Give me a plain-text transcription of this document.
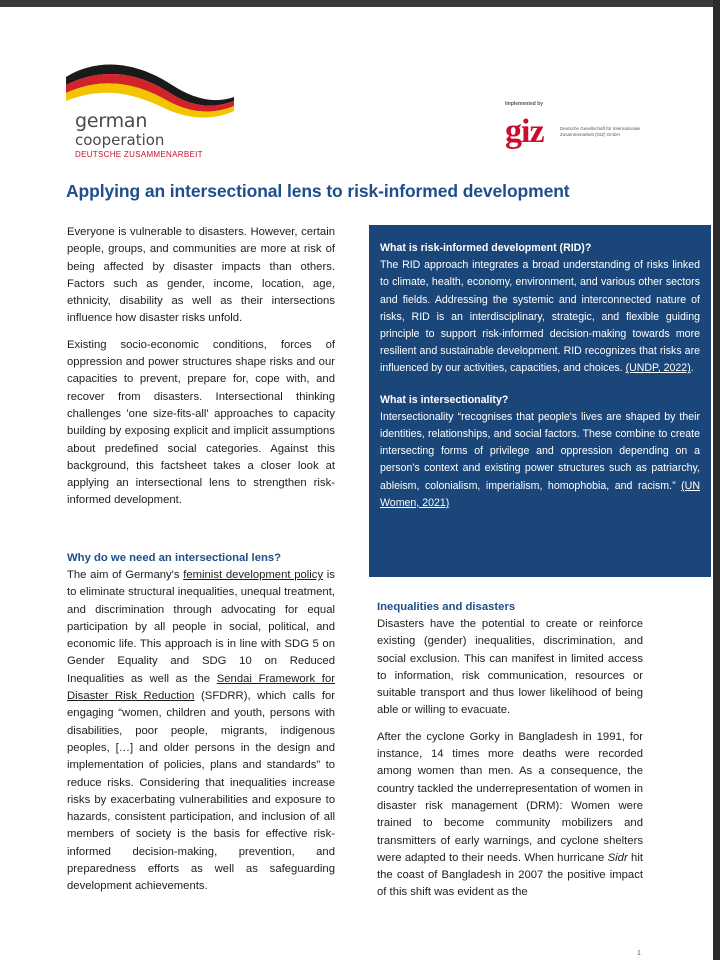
german
cooperation
DEUTSCHE ZUSAMMENARBEIT
Implemented by
giz	Deutsche Gesellschaft für Internationale Zusammenarbeit (GIZ) GmbH
Applying an intersectional lens to risk-informed development

Everyone is vulnerable to disasters. However, certain people, groups, and communities are more at risk of being affected by disaster impacts than others. Factors such as gender, income, location, age, ethnicity, disability as well as their intersections influence how disaster risks unfold.

Existing socio-economic conditions, forces of oppression and power structures shape risks and our capacities to prevent, prepare for, cope with, and recover from disasters. Intersectional thinking challenges 'one size-fits-all' approaches to capacity building by exposing explicit and implicit assumptions about predefined social categories. Against this background, this factsheet takes a closer look at applying an intersectional lens to strengthen risk-informed development.

Why do we need an intersectional lens?

The aim of Germany's feminist development policy is to eliminate structural inequalities, unequal treatment, and discrimination through advocating for equal participation by all people in social, political, and economic life. This approach is in line with SDG 5 on Gender Equality and SDG 10 on Reduced Inequalities as well as the Sendai Framework for Disaster Risk Reduction (SFDRR), which calls for engaging “women, children and youth, persons with disabilities, poor people, migrants, indigenous peoples, […] and older persons in the design and implementation of policies, plans and standards” to reduce risks. Considering that inequalities increase risks by exacerbating vulnerabilities and exposure to hazards, consistent participation, and inclusion of all members of society is the basis for effective risk-informed decision-making, prevention, and preparedness efforts as well as safeguarding development achievements.

What is risk-informed development (RID)?

The RID approach integrates a broad understanding of risks linked to climate, health, economy, environment, and various other sectors and fields. Addressing the systemic and interconnected nature of risks, RID is an interdisciplinary, strategic, and flexible guiding principle to support risk-informed decision-making towards more resilient and sustainable development. RID recognizes that risks are influenced by our activities, capacities, and choices. (UNDP, 2022).

What is intersectionality?

Intersectionality “recognises that people's lives are shaped by their identities, relationships, and social factors. These combine to create intersecting forms of privilege and oppression depending on a person's context and existing power structures such as patriarchy, ableism, colonialism, imperialism, homophobia, and racism.” (UN Women, 2021)

Inequalities and disasters

Disasters have the potential to create or reinforce existing (gender) inequalities, discrimination, and social exclusion. This can manifest in limited access to information, risk communication, resources or suitable transport and thus lower likelihood of being able or willing to evacuate.

After the cyclone Gorky in Bangladesh in 1991, for instance, 14 times more deaths were recorded among women than men. As a consequence, the country tackled the underrepresentation of women in disaster risk management (DRM): Women were trained to become community mobilizers and transmitters of early warnings, and cyclone shelters were adapted to their needs. When hurricane Sidr hit the coast of Bangladesh in 2007 the positive impact of this shift was evident as the

1
